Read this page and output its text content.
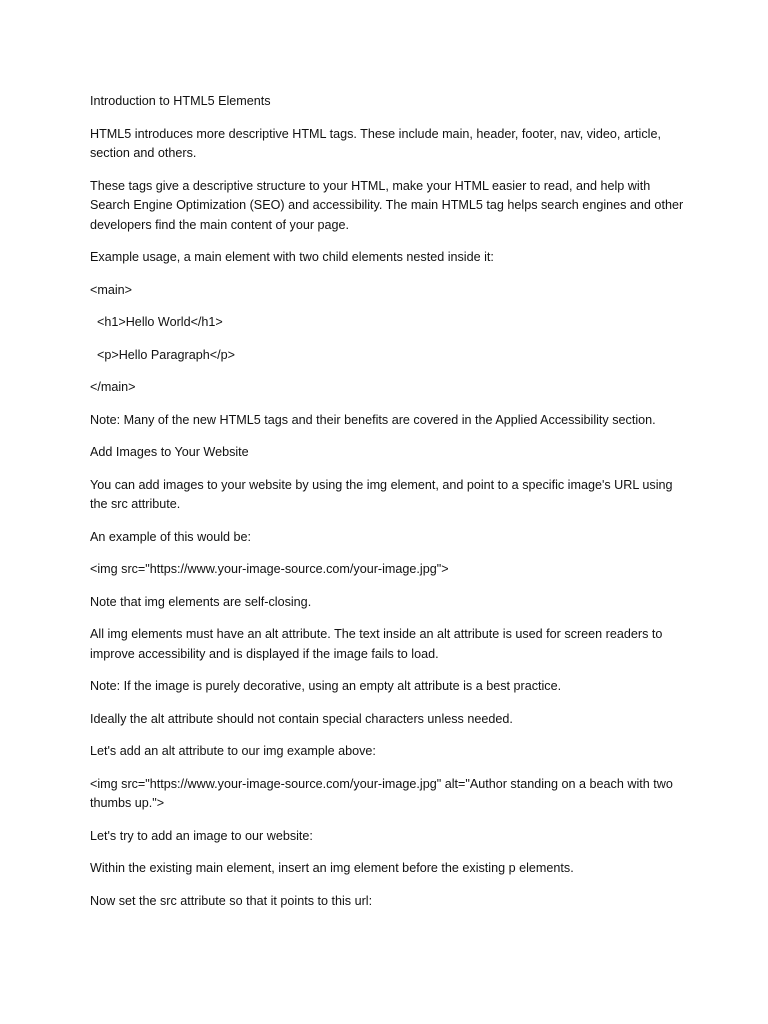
Introduction to HTML5 Elements

HTML5 introduces more descriptive HTML tags. These include main, header, footer, nav, video, article, section and others.

These tags give a descriptive structure to your HTML, make your HTML easier to read, and help with Search Engine Optimization (SEO) and accessibility. The main HTML5 tag helps search engines and other developers find the main content of your page.

Example usage, a main element with two child elements nested inside it:

<main>

<h1>Hello World</h1>

<p>Hello Paragraph</p>

</main>

Note: Many of the new HTML5 tags and their benefits are covered in the Applied Accessibility section.

Add Images to Your Website

You can add images to your website by using the img element, and point to a specific image's URL using the src attribute.

An example of this would be:

<img src="https://www.your-image-source.com/your-image.jpg">

Note that img elements are self-closing.

All img elements must have an alt attribute. The text inside an alt attribute is used for screen readers to improve accessibility and is displayed if the image fails to load.

Note: If the image is purely decorative, using an empty alt attribute is a best practice.

Ideally the alt attribute should not contain special characters unless needed.

Let's add an alt attribute to our img example above:

<img src="https://www.your-image-source.com/your-image.jpg" alt="Author standing on a beach with two thumbs up.">

Let's try to add an image to our website:

Within the existing main element, insert an img element before the existing p elements.

Now set the src attribute so that it points to this url:
